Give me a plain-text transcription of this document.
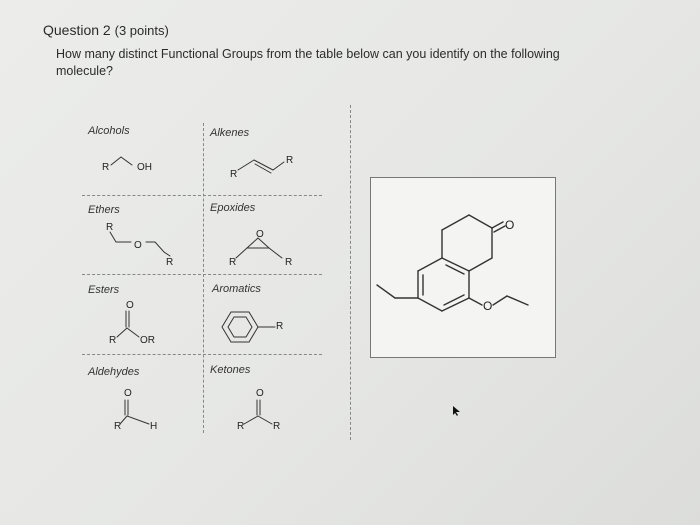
Question 2 (3 points)
How many distinct Functional Groups from the table below can you identify on the following molecule?
Alcohols	Alkenes
Ethers	Epoxides
Esters	Aromatics
Aldehydes	Ketones
R	OH
R
R
R
O
R
O
R	R
O
R OR
R
O
R	H
O
R	R
O
O
